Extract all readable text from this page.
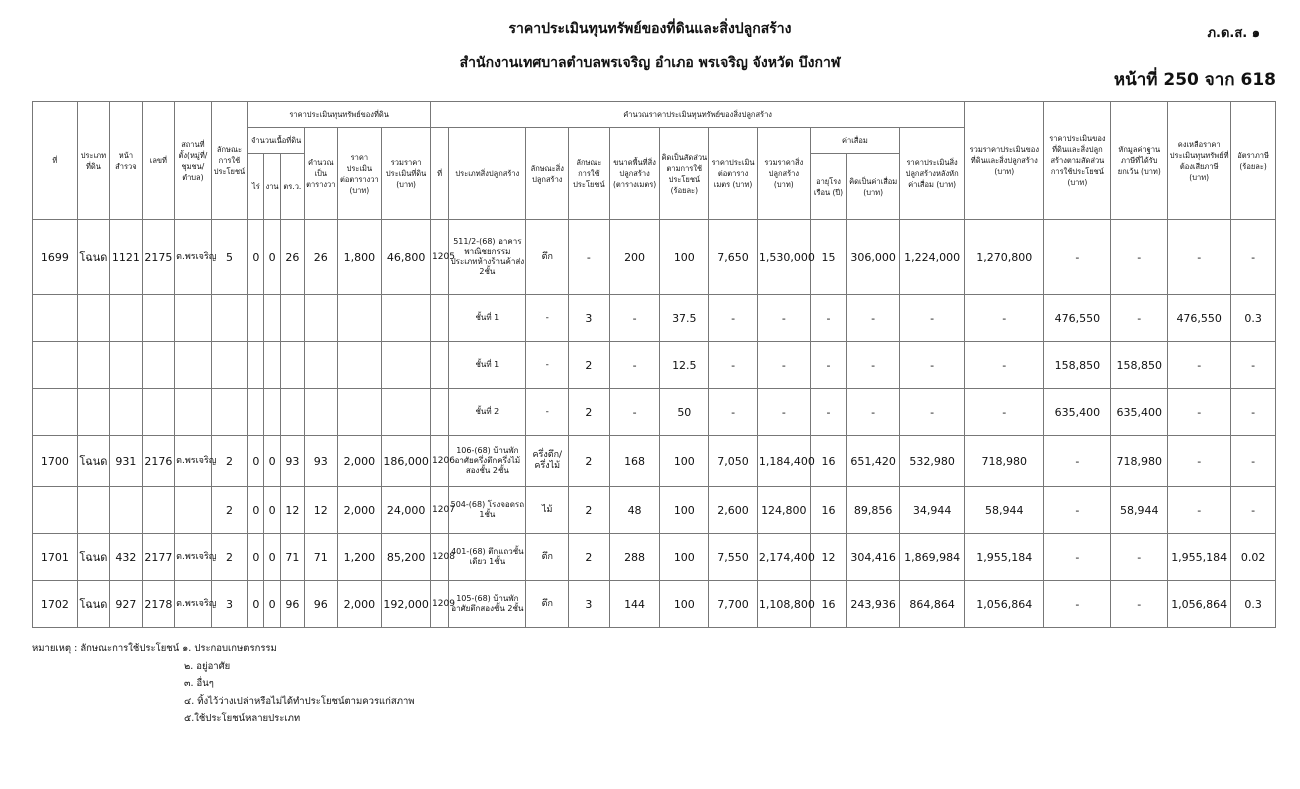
ราคาประเมินทุนทรัพย์ของที่ดินและสิ่งปลูกสร้าง
สำนักงานเทศบาลตำบลพรเจริญ อำเภอ พรเจริญ จังหวัด บึงกาฬ
ภ.ด.ส. ๑
หน้าที่ 250 จาก 618
ที่	ประเภทที่ดิน	หน้าสำรวจ	เลขที่	สถานที่ตั้ง(หมู่ที่/ชุมชน/ตำบล)	ลักษณะการใช้ประโยชน์	ราคาประเมินทุนทรัพย์ของที่ดิน						คำนวณราคาประเมินทุนทรัพย์ของสิ่งปลูกสร้าง											รวมราคาประเมินของที่ดินและสิ่งปลูกสร้าง (บาท)	ราคาประเมินของที่ดินและสิ่งปลูกสร้างตามสัดส่วนการใช้ประโยชน์ (บาท)	หักมูลค่าฐานภาษีที่ได้รับยกเว้น (บาท)	คงเหลือราคาประเมินทุนทรัพย์ที่ต้องเสียภาษี (บาท)	อัตราภาษี (ร้อยละ)
						จำนวนเนื้อที่ดิน			คำนวณเป็นตารางวา	ราคาประเมินต่อตารางวา (บาท)	รวมราคาประเมินที่ดิน (บาท)	ที่	ประเภทสิ่งปลูกสร้าง	ลักษณะสิ่งปลูกสร้าง	ลักษณะการใช้ประโยชน์	ขนาดพื้นที่สิ่งปลูกสร้าง (ตารางเมตร)	คิดเป็นสัดส่วนตามการใช้ประโยชน์ (ร้อยละ)	ราคาประเมินต่อตารางเมตร (บาท)	รวมราคาสิ่งปลูกสร้าง (บาท)	ค่าเสื่อม		ราคาประเมินสิ่งปลูกสร้างหลังหักค่าเสื่อม (บาท)					
						ไร่	งาน	ตร.ว.												อายุโรงเรือน (ปี)	คิดเป็นค่าเสื่อม (บาท)						
1699	โฉนด	1121	2175	ต.พรเจริญ	5	0	0	26	26	1,800	46,800	1205	511/2-(68) อาคารพาณิชยกรรม ประเภทห้างร้านค้าส่ง 2ชั้น	ตึก	-	200	100	7,650	1,530,000	15	306,000	1,224,000	1,270,800	-	-	-	-
													ชั้นที่ 1	-	3	-	37.5	-	-	-	-	-	-	476,550	-	476,550	0.3
													ชั้นที่ 1	-	2	-	12.5	-	-	-	-	-	-	158,850	158,850	-	-
													ชั้นที่ 2	-	2	-	50	-	-	-	-	-	-	635,400	635,400	-	-
1700	โฉนด	931	2176	ต.พรเจริญ	2	0	0	93	93	2,000	186,000	1206	106-(68) บ้านพักอาศัยครึ่งตึกครึ่งไม้สองชั้น 2ชั้น	ครึ่งตึก/ครึ่งไม้	2	168	100	7,050	1,184,400	16	651,420	532,980	718,980	-	718,980	-	-
					2	0	0	12	12	2,000	24,000	1207	504-(68) โรงจอดรถ 1ชั้น	ไม้	2	48	100	2,600	124,800	16	89,856	34,944	58,944	-	58,944	-	-
1701	โฉนด	432	2177	ต.พรเจริญ	2	0	0	71	71	1,200	85,200	1208	401-(68) ตึกแถวชั้นเดียว 1ชั้น	ตึก	2	288	100	7,550	2,174,400	12	304,416	1,869,984	1,955,184	-	-	1,955,184	0.02
1702	โฉนด	927	2178	ต.พรเจริญ	3	0	0	96	96	2,000	192,000	1209	105-(68) บ้านพักอาศัยตึกสองชั้น 2ชั้น	ตึก	3	144	100	7,700	1,108,800	16	243,936	864,864	1,056,864	-	-	1,056,864	0.3
หมายเหตุ : ลักษณะการใช้ประโยชน์ ๑. ประกอบเกษตรกรรม
๒. อยู่อาศัย
๓. อื่นๆ
๔. ทิ้งไว้ว่างเปล่าหรือไม่ได้ทำประโยชน์ตามควรแก่สภาพ
๕.ใช้ประโยชน์หลายประเภท
